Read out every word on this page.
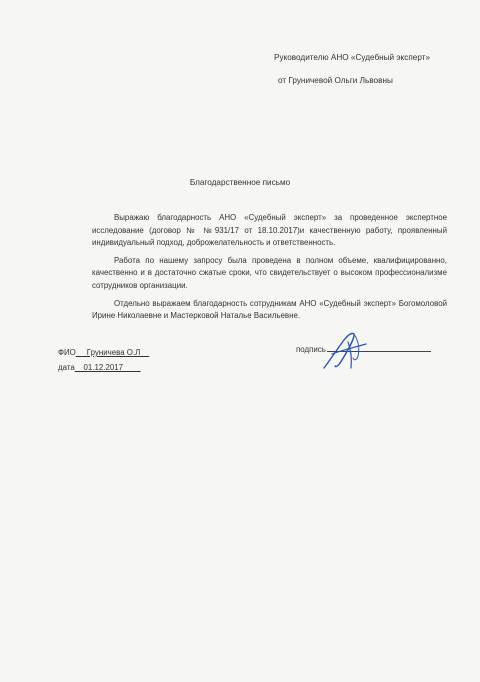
Руководителю АНО «Судебный эксперт»
от Груничевой Ольги Львовны
Благодарственное письмо

Выражаю благодарность АНО «Судебный эксперт» за проведенное экспертное исследование (договор № №931/17 от 18.10.2017)и качественную работу, проявленный индивидуальный подход, доброжелательность и ответственность.

Работа по нашему запросу была проведена в полном объеме, квалифицированно, качественно и в достаточно сжатые сроки, что свидетельствует о высоком профессионализме сотрудников организации.

Отдельно выражаем благодарность сотрудникам АНО «Судебный эксперт» Богомоловой Ирине Николаевне и Мастерковой Наталье Васильевне.

ФИО__ Груничева О.Л__
дата__01.12.2017____
подпись
